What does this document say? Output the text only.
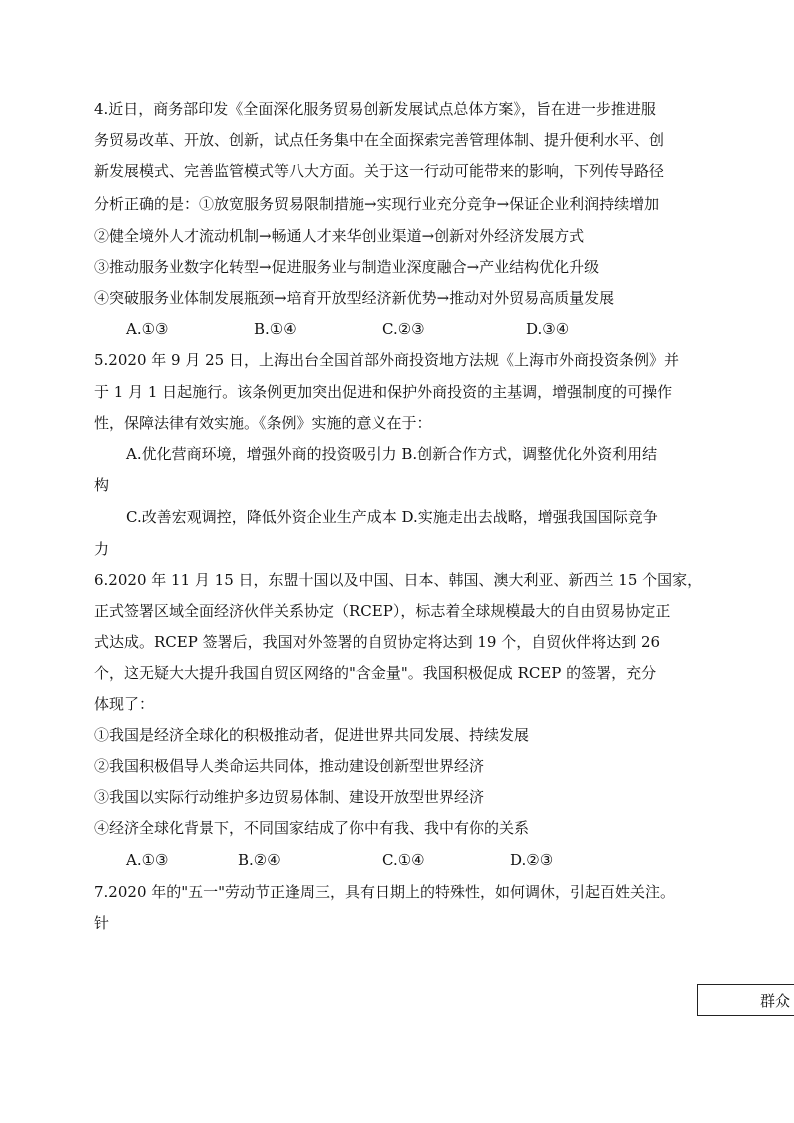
4.近日，商务部印发《全面深化服务贸易创新发展试点总体方案》，旨在进一步推进服
务贸易改革、开放、创新，试点任务集中在全面探索完善管理体制、提升便利水平、创
新发展模式、完善监管模式等八大方面。关于这一行动可能带来的影响，下列传导路径
分析正确的是：①放宽服务贸易限制措施→实现行业充分竞争→保证企业利润持续增加
②健全境外人才流动机制→畅通人才来华创业渠道→创新对外经济发展方式
③推动服务业数字化转型→促进服务业与制造业深度融合→产业结构优化升级
④突破服务业体制发展瓶颈→培育开放型经济新优势→推动对外贸易高质量发展
A.①③	B.①④	C.②③	D.③④
5.2020 年 9 月 25 日，上海出台全国首部外商投资地方法规《上海市外商投资条例》并
于 1 月 1 日起施行。该条例更加突出促进和保护外商投资的主基调，增强制度的可操作
性，保障法律有效实施。《条例》实施的意义在于：
A.优化营商环境，增强外商的投资吸引力 B.创新合作方式，调整优化外资利用结
构
C.改善宏观调控，降低外资企业生产成本 D.实施走出去战略，增强我国国际竞争
力
6.2020 年 11 月 15 日，东盟十国以及中国、日本、韩国、澳大利亚、新西兰 15 个国家，
正式签署区域全面经济伙伴关系协定（RCEP），标志着全球规模最大的自由贸易协定正
式达成。RCEP 签署后，我国对外签署的自贸协定将达到 19 个，自贸伙伴将达到 26
个，这无疑大大提升我国自贸区网络的"含金量"。我国积极促成 RCEP 的签署，充分
体现了：
①我国是经济全球化的积极推动者，促进世界共同发展、持续发展
②我国积极倡导人类命运共同体，推动建设创新型世界经济
③我国以实际行动维护多边贸易体制、建设开放型世界经济
④经济全球化背景下，不同国家结成了你中有我、我中有你的关系
A.①③	B.②④	C.①④	D.②③
7.2020 年的"五一"劳动节正逢周三，具有日期上的特殊性，如何调休，引起百姓关注。
针
群众
